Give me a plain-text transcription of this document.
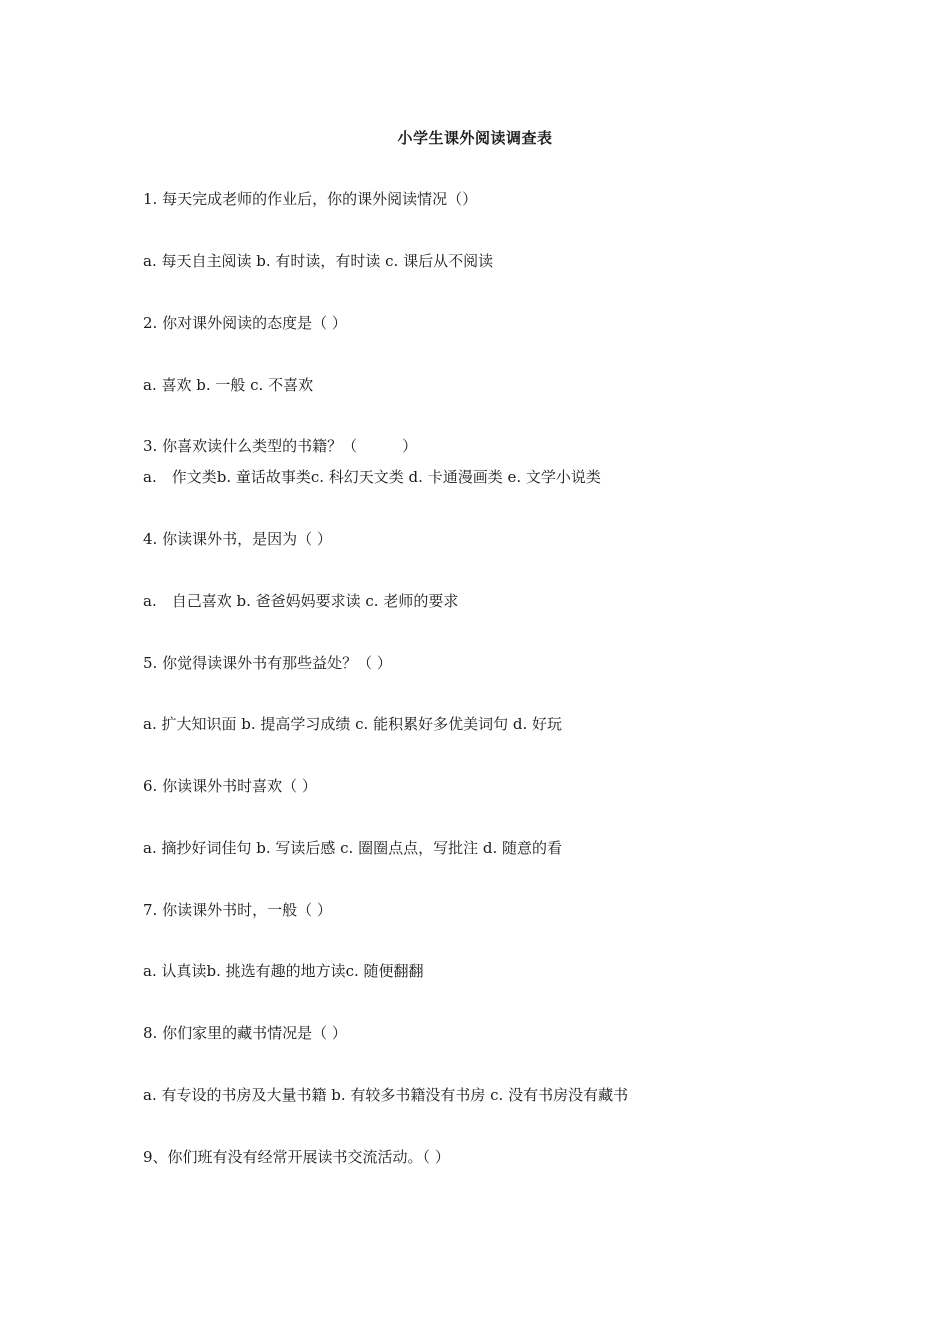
小学生课外阅读调查表
1. 每天完成老师的作业后，你的课外阅读情况（）
a. 每天自主阅读 b. 有时读，有时读 c. 课后从不阅读
2. 你对课外阅读的态度是（ ）
a. 喜欢 b. 一般 c. 不喜欢
3. 你喜欢读什么类型的书籍？（　　　）
a.　作文类b. 童话故事类c. 科幻天文类 d. 卡通漫画类 e. 文学小说类
4. 你读课外书，是因为（ ）
a.　自己喜欢 b. 爸爸妈妈要求读 c. 老师的要求
5. 你觉得读课外书有那些益处？（ ）
a. 扩大知识面 b. 提高学习成绩 c. 能积累好多优美词句 d. 好玩
6. 你读课外书时喜欢（ ）
a. 摘抄好词佳句 b. 写读后感 c. 圈圈点点，写批注 d. 随意的看
7. 你读课外书时，一般（ ）
a. 认真读b. 挑选有趣的地方读c. 随便翻翻
8. 你们家里的藏书情况是（ ）
a. 有专设的书房及大量书籍 b. 有较多书籍没有书房 c. 没有书房没有藏书
9、你们班有没有经常开展读书交流活动。（ ）
